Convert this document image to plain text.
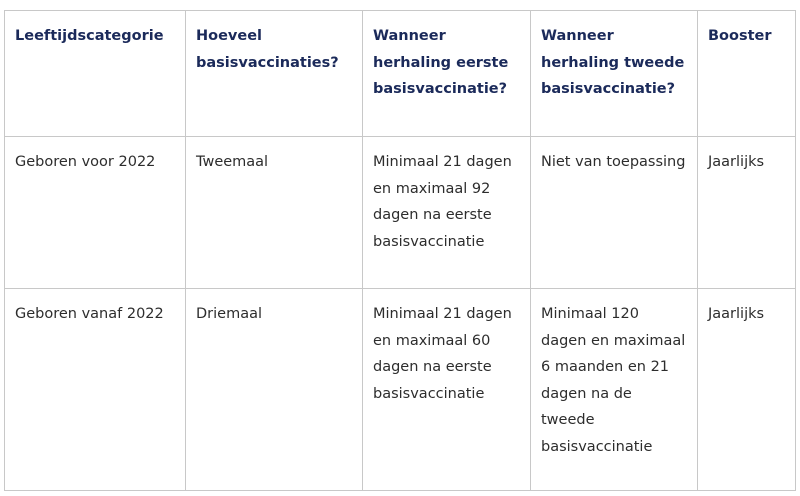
Leeftijdscategorie	Hoeveel basisvaccinaties?	Wanneer herhaling eerste basisvaccinatie?	Wanneer herhaling tweede basisvaccinatie?	Booster
Geboren voor 2022	Tweemaal	Minimaal 21 dagen en maximaal 92 dagen na eerste basisvaccinatie	Niet van toepassing	Jaarlijks
Geboren vanaf 2022	Driemaal	Minimaal 21 dagen en maximaal 60 dagen na eerste basisvaccinatie	Minimaal 120 dagen en maximaal 6 maanden en 21 dagen na de tweede basisvaccinatie	Jaarlijks
